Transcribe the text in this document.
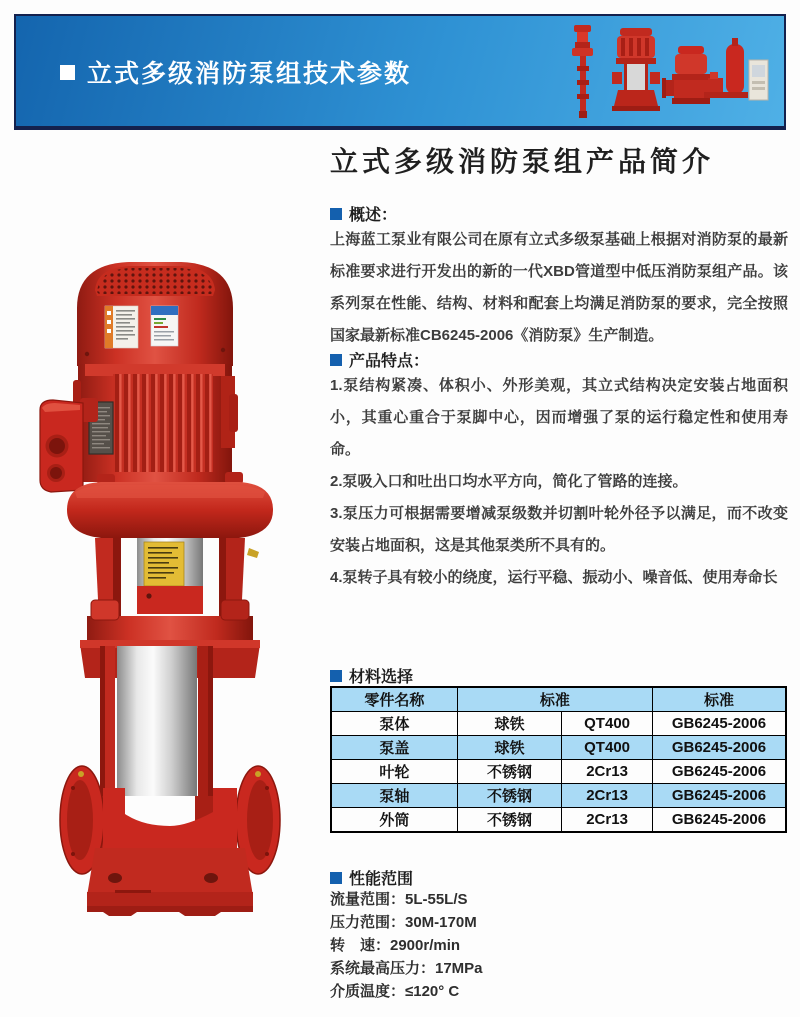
立式多级消防泵组技术参数
立式多级消防泵组产品简介
概述：
上海蓝工泵业有限公司在原有立式多级泵基础上根据对消防泵的最新标准要求进行开发出的新的一代XBD管道型中低压消防泵组产品。该系列泵在性能、结构、材料和配套上均满足消防泵的要求，完全按照国家最新标准CB6245-2006《消防泵》生产制造。
产品特点：
1.泵结构紧凑、体积小、外形美观，其立式结构决定安装占地面积小，其重心重合于泵脚中心，因而增强了泵的运行稳定性和使用寿命。
2.泵吸入口和吐出口均水平方向，简化了管路的连接。
3.泵压力可根据需要增减泵级数并切割叶轮外径予以满足，而不改变安装占地面积，这是其他泵类所不具有的。
4.泵转子具有较小的绕度，运行平稳、振动小、噪音低、使用寿命长
材料选择
零件名称	标准		标准
泵体	球铁	QT400	GB6245-2006
泵盖	球铁	QT400	GB6245-2006
叶轮	不锈钢	2Cr13	GB6245-2006
泵轴	不锈钢	2Cr13	GB6245-2006
外筒	不锈钢	2Cr13	GB6245-2006
性能范围
流量范围：5L-55L/S
压力范围：30M-170M
转　速：2900r/min
系统最高压力：17MPa
介质温度：≤120° C
